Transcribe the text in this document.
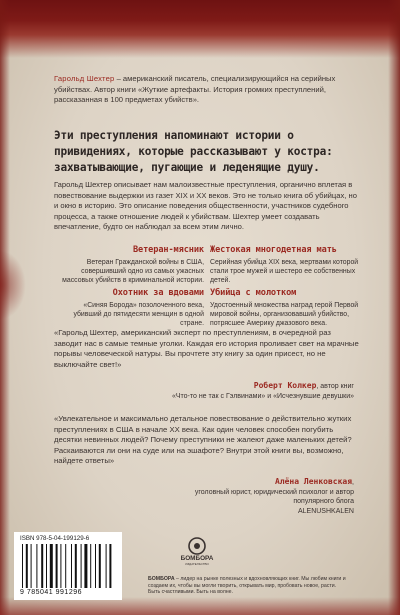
Гарольд Шехтер – американский писатель, специализирующийся на серийных убийствах. Автор книги «Жуткие артефакты. История громких преступлений, рассказанная в 100 предметах убийств».
Эти преступления напоминают истории о привидениях, которые рассказывают у костра: захватывающие, пугающие и леденящие душу.
Гарольд Шехтер описывает нам малоизвестные преступления, органично вплетая в повествование выдержки из газет XIX и XX веков. Это не только книга об убийцах, но и окно в историю. Это описание поведения общественности, участников судебного процесса, а также отношение людей к убийствам. Шехтер умеет создавать впечатление, будто он наблюдал за всем этим лично.
Ветеран-мясник
Ветеран Гражданской войны в США, совершивший одно из самых ужасных массовых убийств в криминальной истории.
Жестокая многодетная мать
Серийная убийца XIX века, жертвами которой стали трое мужей и шестеро ее собственных детей.
Охотник за вдовами
«Синяя Борода» позолоченного века, убивший до пятидесяти женщин в одной стране.
Убийца с молотком
Удостоенный множества наград герой Первой мировой войны, организовавший убийство, потрясшее Америку джазового века.
«Гарольд Шехтер, американский эксперт по преступлениям, в очередной раз заводит нас в самые темные уголки. Каждая его история проливает свет на мрачные порывы человеческой натуры. Вы прочтете эту книгу за один присест, но не выключайте свет!»
Роберт Колкер, автор книг
«Что-то не так с Гэлвинами» и «Исчезнувшие девушки»
«Увлекательное и максимально детальное повествование о действительно жутких преступлениях в США в начале XX века. Как один человек способен погубить десятки невинных людей? Почему преступники не жалеют даже маленьких детей? Раскаиваются ли они на суде или на эшафоте? Внутри этой книги вы, возможно, найдете ответы»
Алёна Ленковская,
уголовный юрист, юридический психолог и автор
популярного блога
ALENUSHKALEN
ISBN 978-5-04-199129-6
9 785041 991296
БОМБОРА
ИЗДАТЕЛЬСТВО
БОМБОРА – лидер на рынке полезных и вдохновляющих книг. Мы любим книги и создаем их, чтобы вы могли творить, открывать мир, пробовать новое, расти. Быть счастливыми. Быть на волне.
